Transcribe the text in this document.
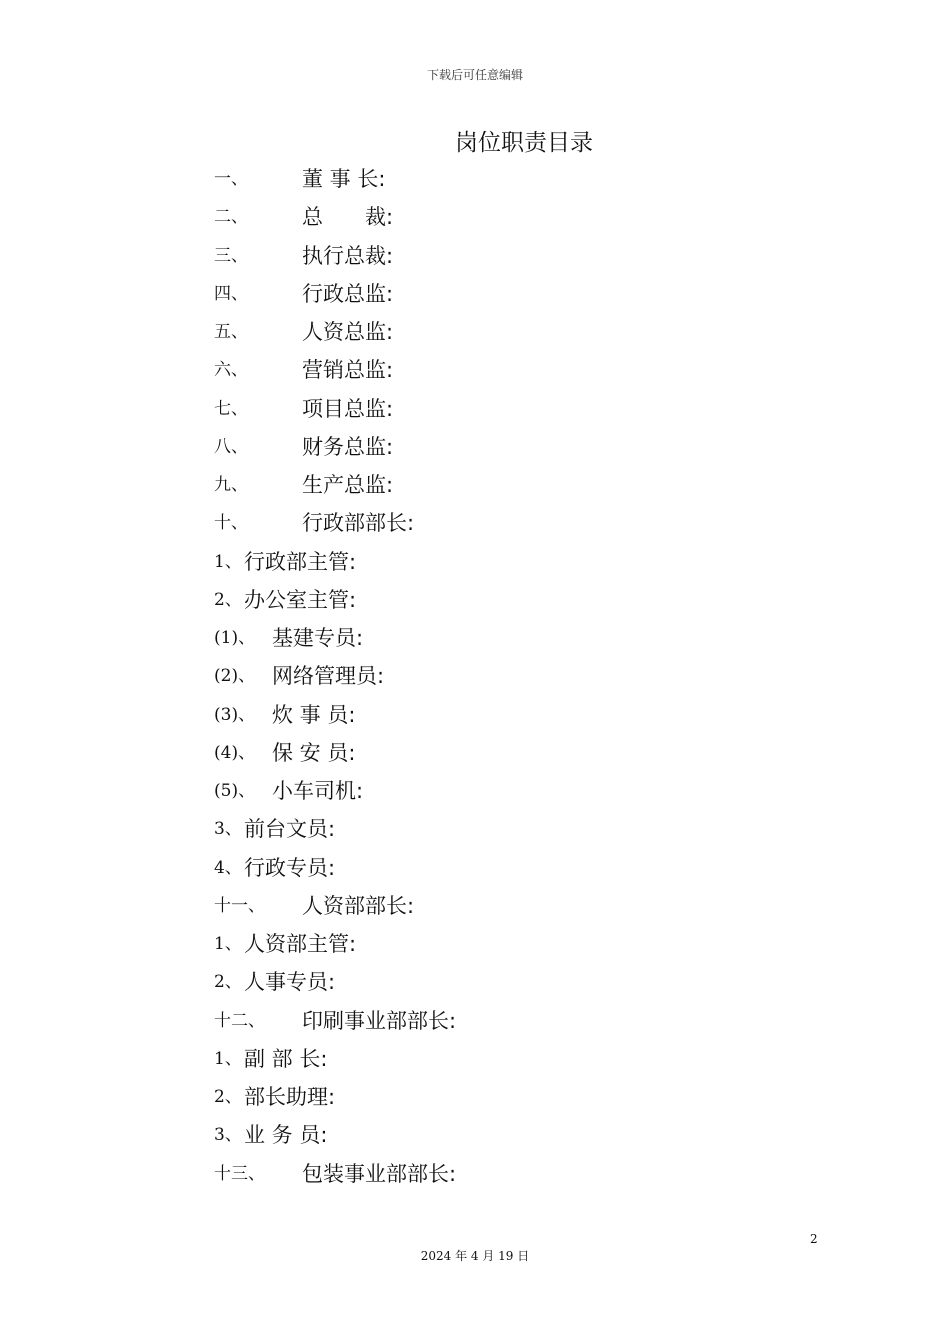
下载后可任意编辑
岗位职责目录
一、	董 事 长:
二、	总　　裁:
三、	执行总裁:
四、	行政总监:
五、	人资总监:
六、	营销总监:
七、	项目总监:
八、	财务总监:
九、	生产总监:
十、	行政部部长:
1、 行政部主管:
2、 办公室主管:
(1)、 基建专员:
(2)、 网络管理员:
(3)、 炊 事 员:
(4)、 保 安 员:
(5)、 小车司机:
3、 前台文员:
4、 行政专员:
十一、 人资部部长:
1、 人资部主管:
2、 人事专员:
十二、 印刷事业部部长:
1、 副 部 长:
2、 部长助理:
3、 业 务 员:
十三、 包装事业部部长:
2
2024 年 4 月 19 日
